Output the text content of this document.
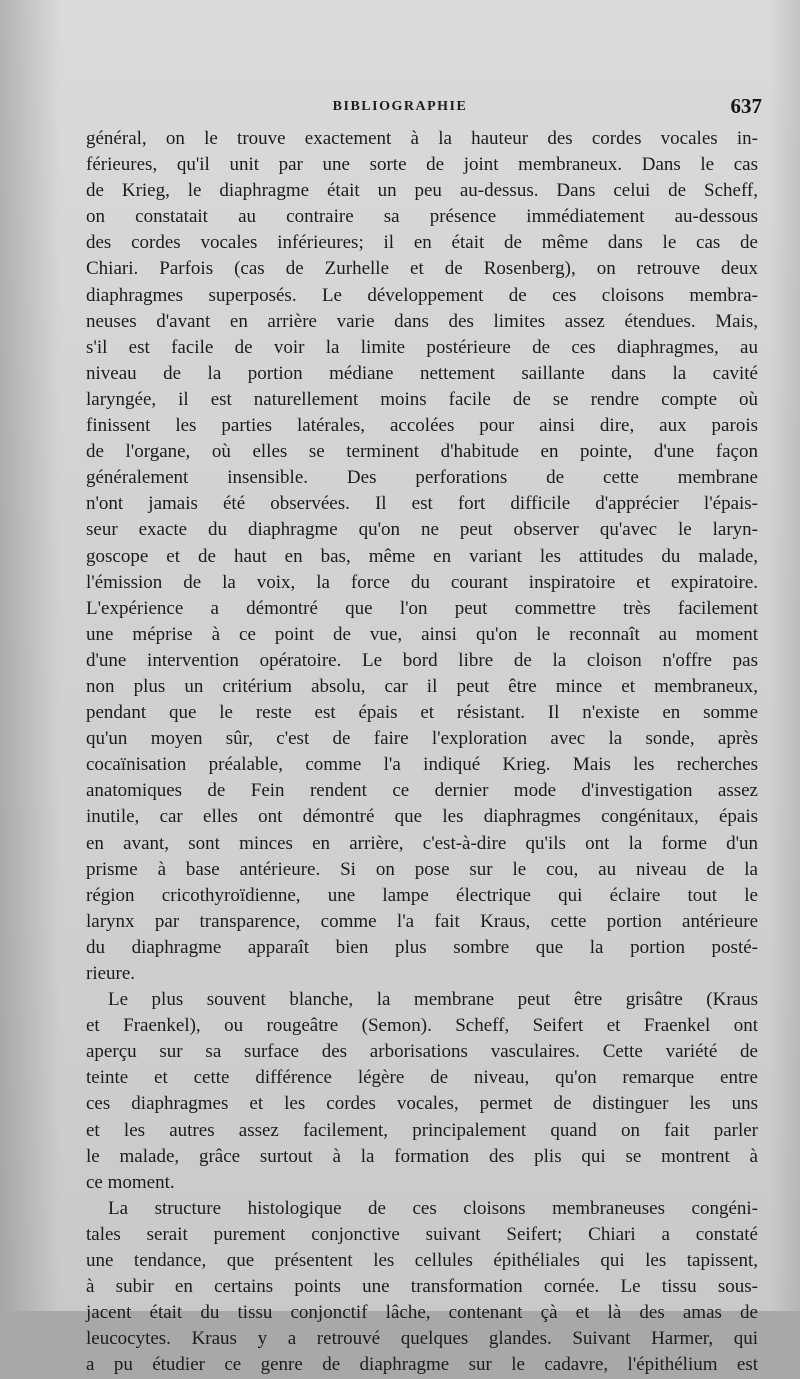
BIBLIOGRAPHIE	637
général, on le trouve exactement à la hauteur des cordes vocales in-
férieures, qu'il unit par une sorte de joint membraneux. Dans le cas
de Krieg, le diaphragme était un peu au-dessus. Dans celui de Scheff,
on constatait au contraire sa présence immédiatement au-dessous
des cordes vocales inférieures; il en était de même dans le cas de
Chiari. Parfois (cas de Zurhelle et de Rosenberg), on retrouve deux
diaphragmes superposés. Le développement de ces cloisons membra-
neuses d'avant en arrière varie dans des limites assez étendues. Mais,
s'il est facile de voir la limite postérieure de ces diaphragmes, au
niveau de la portion médiane nettement saillante dans la cavité
laryngée, il est naturellement moins facile de se rendre compte où
finissent les parties latérales, accolées pour ainsi dire, aux parois
de l'organe, où elles se terminent d'habitude en pointe, d'une façon
généralement insensible. Des perforations de cette membrane
n'ont jamais été observées. Il est fort difficile d'apprécier l'épais-
seur exacte du diaphragme qu'on ne peut observer qu'avec le laryn-
goscope et de haut en bas, même en variant les attitudes du malade,
l'émission de la voix, la force du courant inspiratoire et expiratoire.
L'expérience a démontré que l'on peut commettre très facilement
une méprise à ce point de vue, ainsi qu'on le reconnaît au moment
d'une intervention opératoire. Le bord libre de la cloison n'offre pas
non plus un critérium absolu, car il peut être mince et membraneux,
pendant que le reste est épais et résistant. Il n'existe en somme
qu'un moyen sûr, c'est de faire l'exploration avec la sonde, après
cocaïnisation préalable, comme l'a indiqué Krieg. Mais les recherches
anatomiques de Fein rendent ce dernier mode d'investigation assez
inutile, car elles ont démontré que les diaphragmes congénitaux, épais
en avant, sont minces en arrière, c'est-à-dire qu'ils ont la forme d'un
prisme à base antérieure. Si on pose sur le cou, au niveau de la
région cricothyroïdienne, une lampe électrique qui éclaire tout le
larynx par transparence, comme l'a fait Kraus, cette portion antérieure
du diaphragme apparaît bien plus sombre que la portion posté-
rieure.
Le plus souvent blanche, la membrane peut être grisâtre (Kraus
et Fraenkel), ou rougeâtre (Semon). Scheff, Seifert et Fraenkel ont
aperçu sur sa surface des arborisations vasculaires. Cette variété de
teinte et cette différence légère de niveau, qu'on remarque entre
ces diaphragmes et les cordes vocales, permet de distinguer les uns
et les autres assez facilement, principalement quand on fait parler
le malade, grâce surtout à la formation des plis qui se montrent à
ce moment.
La structure histologique de ces cloisons membraneuses congéni-
tales serait purement conjonctive suivant Seifert; Chiari a constaté
une tendance, que présentent les cellules épithéliales qui les tapissent,
à subir en certains points une transformation cornée. Le tissu sous-
jacent était du tissu conjonctif lâche, contenant çà et là des amas de
leucocytes. Kraus y a retrouvé quelques glandes. Suivant Harmer, qui
a pu étudier ce genre de diaphragme sur le cadavre, l'épithélium est
